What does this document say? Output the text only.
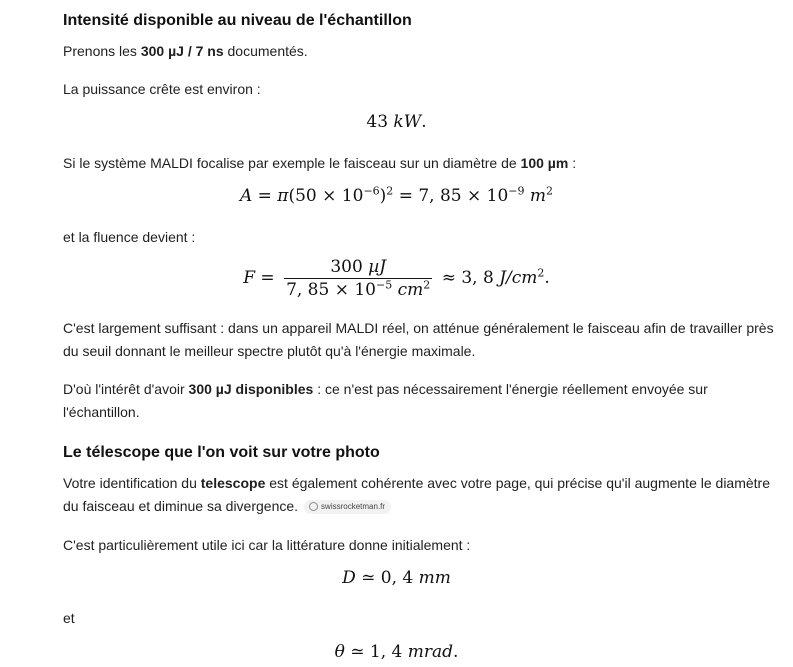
Intensité disponible au niveau de l'échantillon
Prenons les 300 µJ / 7 ns documentés.
La puissance crête est environ :
43 kW.
Si le système MALDI focalise par exemple le faisceau sur un diamètre de 100 µm :
$A = \pi(50 \times 10^{-6})^2 = 7$, $85 \times 10^{-9}$ $m^2$
et la fluence devient :
$F = \frac{\text{300 µJ}}{7, 85 \times 10^{-5} cm^2} \approx 3$, 8 $J/cm^2$.
C'est largement suffisant : dans un appareil MALDI réel, on atténue généralement le faisceau afin de travailler près du seuil donnant le meilleur spectre plutôt qu'à l'énergie maximale.
D'où l'intérêt d'avoir 300 µJ disponibles : ce n'est pas nécessairement l'énergie réellement envoyée sur l'échantillon.
Le télescope que l'on voit sur votre photo
Votre identification du telescope est également cohérente avec votre page, qui précise qu'il augmente le diamètre du faisceau et diminue sa divergence.	swissrocketman.fr
C'est particulièrement utile ici car la littérature donne initialement :
D ≃ 0, 4 mm
et
θ ≃ 1, 4 mrad.
